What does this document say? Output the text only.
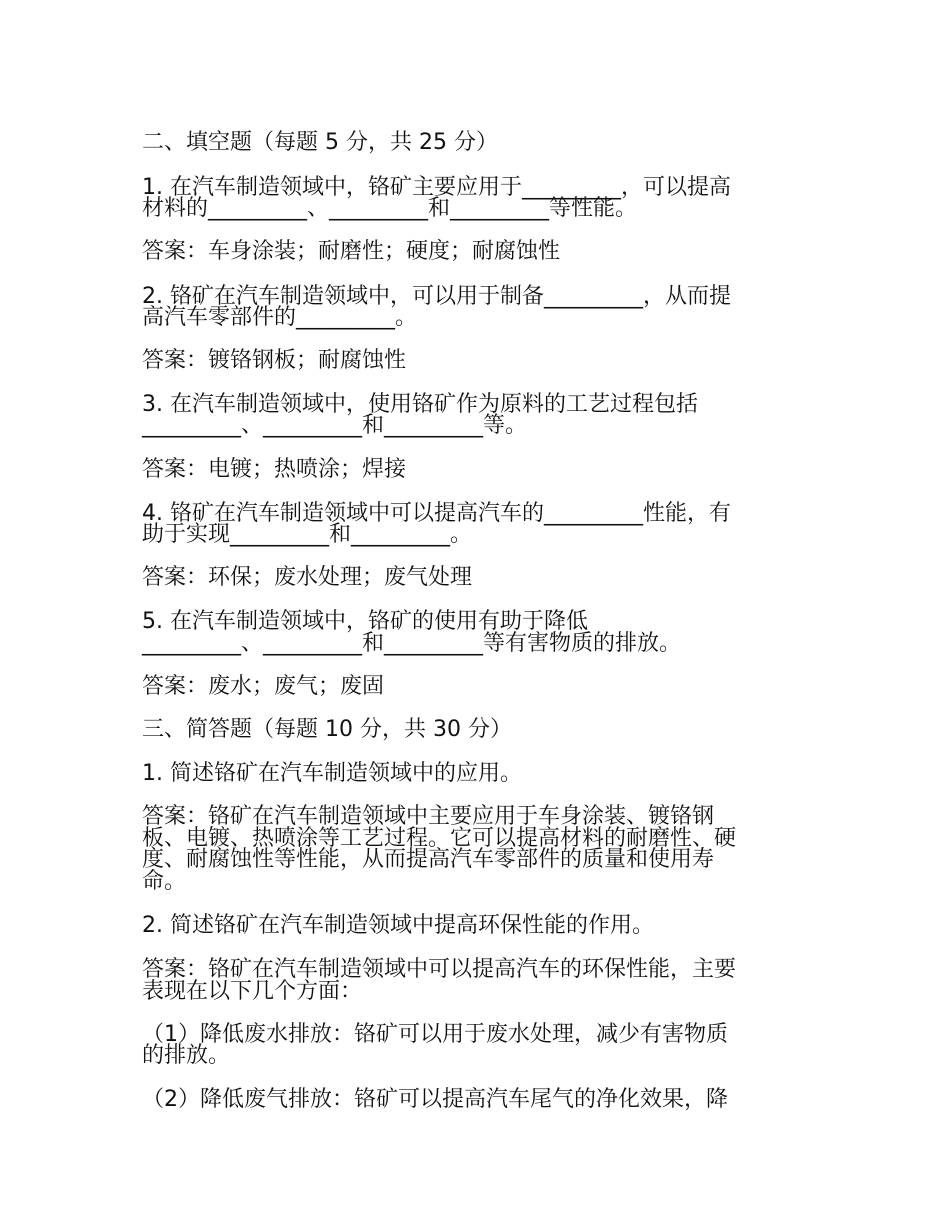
二、填空题（每题 5 分，共 25 分）

1. 在汽车制造领域中，铬矿主要应用于_________，可以提高

材料的_________、_________和_________等性能。

答案：车身涂装；耐磨性；硬度；耐腐蚀性

2. 铬矿在汽车制造领域中，可以用于制备_________，从而提

高汽车零部件的_________。

答案：镀铬钢板；耐腐蚀性

3. 在汽车制造领域中，使用铬矿作为原料的工艺过程包括

_________、_________和_________等。

答案：电镀；热喷涂；焊接

4. 铬矿在汽车制造领域中可以提高汽车的_________性能，有

助于实现_________和_________。

答案：环保；废水处理；废气处理

5. 在汽车制造领域中，铬矿的使用有助于降低

_________、_________和_________等有害物质的排放。

答案：废水；废气；废固

三、简答题（每题 10 分，共 30 分）

1. 简述铬矿在汽车制造领域中的应用。

答案：铬矿在汽车制造领域中主要应用于车身涂装、镀铬钢

板、电镀、热喷涂等工艺过程。它可以提高材料的耐磨性、硬

度、耐腐蚀性等性能，从而提高汽车零部件的质量和使用寿

命。

2. 简述铬矿在汽车制造领域中提高环保性能的作用。

答案：铬矿在汽车制造领域中可以提高汽车的环保性能，主要

表现在以下几个方面：

（1）降低废水排放：铬矿可以用于废水处理，减少有害物质

的排放。

（2）降低废气排放：铬矿可以提高汽车尾气的净化效果，降
